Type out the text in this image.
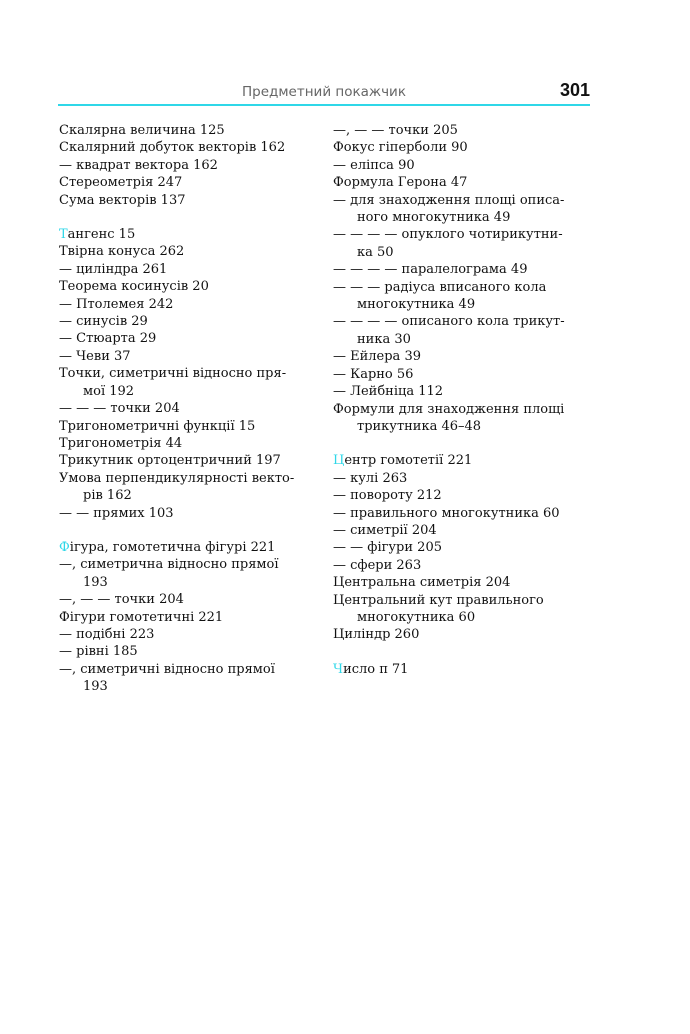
Предметний покажчик	301
Скалярна величина 125
Скалярний добуток векторів 162
— квадрат вектора 162
Стереометрія 247
Сума векторів 137
Тангенс 15
Твірна конуса 262
— циліндра 261
Теорема косинусів 20
— Птолемея 242
— синусів 29
— Стюарта 29
— Чеви 37
Точки, симетричні відносно пря-
мої 192
— — — точки 204
Тригонометричні функції 15
Тригонометрія 44
Трикутник ортоцентричний 197
Умова перпендикулярності векто-
рів 162
— — прямих 103
Фігура, гомотетична фігурі 221
—, симетрична відносно прямої
193
—, — — точки 204
Фігури гомотетичні 221
— подібні 223
— рівні 185
—, симетричні відносно прямої
193
—, — — точки 205
Фокус гіперболи 90
— еліпса 90
Формула Герона 47
— для знаходження площі описа-
ного многокутника 49
— — — — опуклого чотирикутни-
ка 50
— — — — паралелограма 49
— — — радіуса вписаного кола
многокутника 49
— — — — описаного кола трикут-
ника 30
— Ейлера 39
— Карно 56
— Лейбніца 112
Формули для знаходження площі
трикутника 46–48
Центр гомотетії 221
— кулі 263
— повороту 212
— правильного многокутника 60
— симетрії 204
— — фігури 205
— сфери 263
Центральна симетрія 204
Центральний кут правильного
многокутника 60
Циліндр 260
Число π 71
